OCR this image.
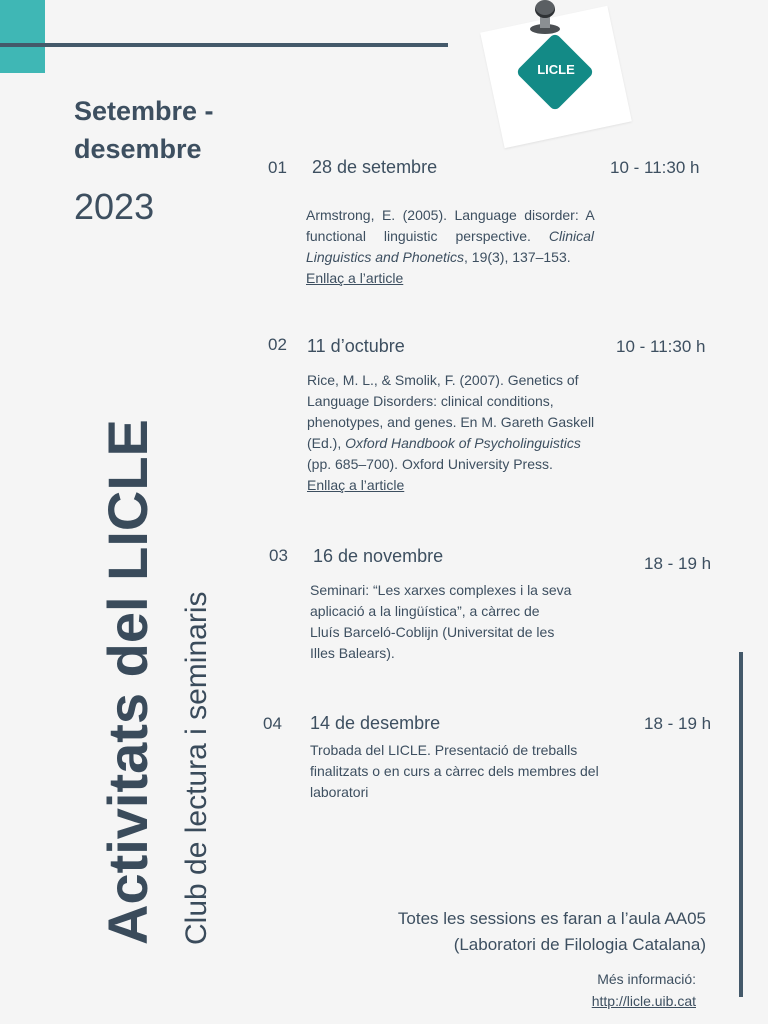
LICLE
Setembre - desembre
2023
Activitats del LICLE Club de lectura i seminaris
01 28 de setembre	10 - 11:30 h
Armstrong, E. (2005). Language disorder: A functional linguistic perspective. Clinical Linguistics and Phonetics, 19(3), 137–153.
Enllaç a l’article
02 11 d’octubre	10 - 11:30 h
Rice, M. L., & Smolik, F. (2007). Genetics of Language Disorders: clinical conditions, phenotypes, and genes. En M. Gareth Gaskell (Ed.), Oxford Handbook of Psycholinguistics (pp. 685–700). Oxford University Press.
Enllaç a l’article
03 16 de novembre	18 - 19 h
Seminari: “Les xarxes complexes i la seva aplicació a la lingüística”, a càrrec de Lluís Barceló-Coblijn (Universitat de les Illes Balears).
04 14 de desembre	18 - 19 h
Trobada del LICLE. Presentació de treballs finalitzats o en curs a càrrec dels membres del laboratori
Totes les sessions es faran a l’aula AA05
(Laboratori de Filologia Catalana)
Més informació:
http://licle.uib.cat
